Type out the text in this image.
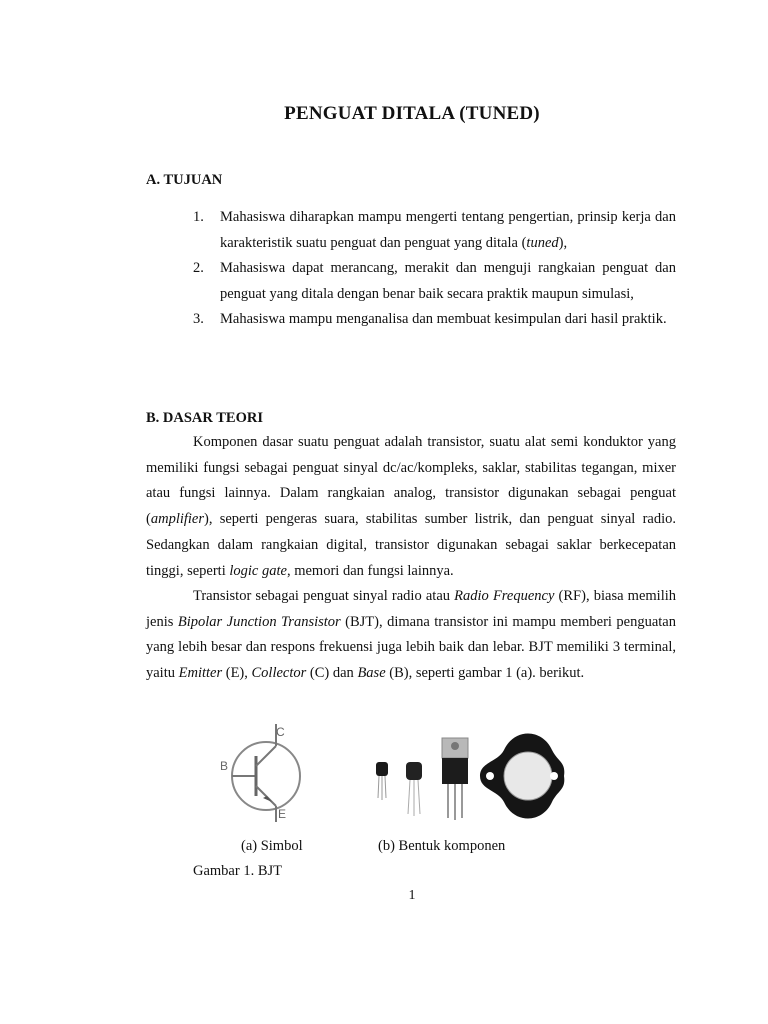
PENGUAT DITALA (TUNED)
A. TUJUAN
1. Mahasiswa diharapkan mampu mengerti tentang pengertian, prinsip kerja dan karakteristik suatu penguat dan penguat yang ditala (tuned),
2. Mahasiswa dapat merancang, merakit dan menguji rangkaian penguat dan penguat yang ditala dengan benar baik secara praktik maupun simulasi,
3. Mahasiswa mampu menganalisa dan membuat kesimpulan dari hasil praktik.
B. DASAR TEORI

Komponen dasar suatu penguat adalah transistor, suatu alat semi konduktor yang memiliki fungsi sebagai penguat sinyal dc/ac/kompleks, saklar, stabilitas tegangan, mixer atau fungsi lainnya. Dalam rangkaian analog, transistor digunakan sebagai penguat (amplifier), seperti pengeras suara, stabilitas sumber listrik, dan penguat sinyal radio. Sedangkan dalam rangkaian digital, transistor digunakan sebagai saklar berkecepatan tinggi, seperti logic gate, memori dan fungsi lainnya.

Transistor sebagai penguat sinyal radio atau Radio Frequency (RF), biasa memilih jenis Bipolar Junction Transistor (BJT), dimana transistor ini mampu memberi penguatan yang lebih besar dan respons frekuensi juga lebih baik dan lebar. BJT memiliki 3 terminal, yaitu Emitter (E), Collector (C) dan Base (B), seperti gambar 1 (a). berikut.

C
B
E
(a) Simbol	(b) Bentuk komponen
Gambar 1. BJT
1
